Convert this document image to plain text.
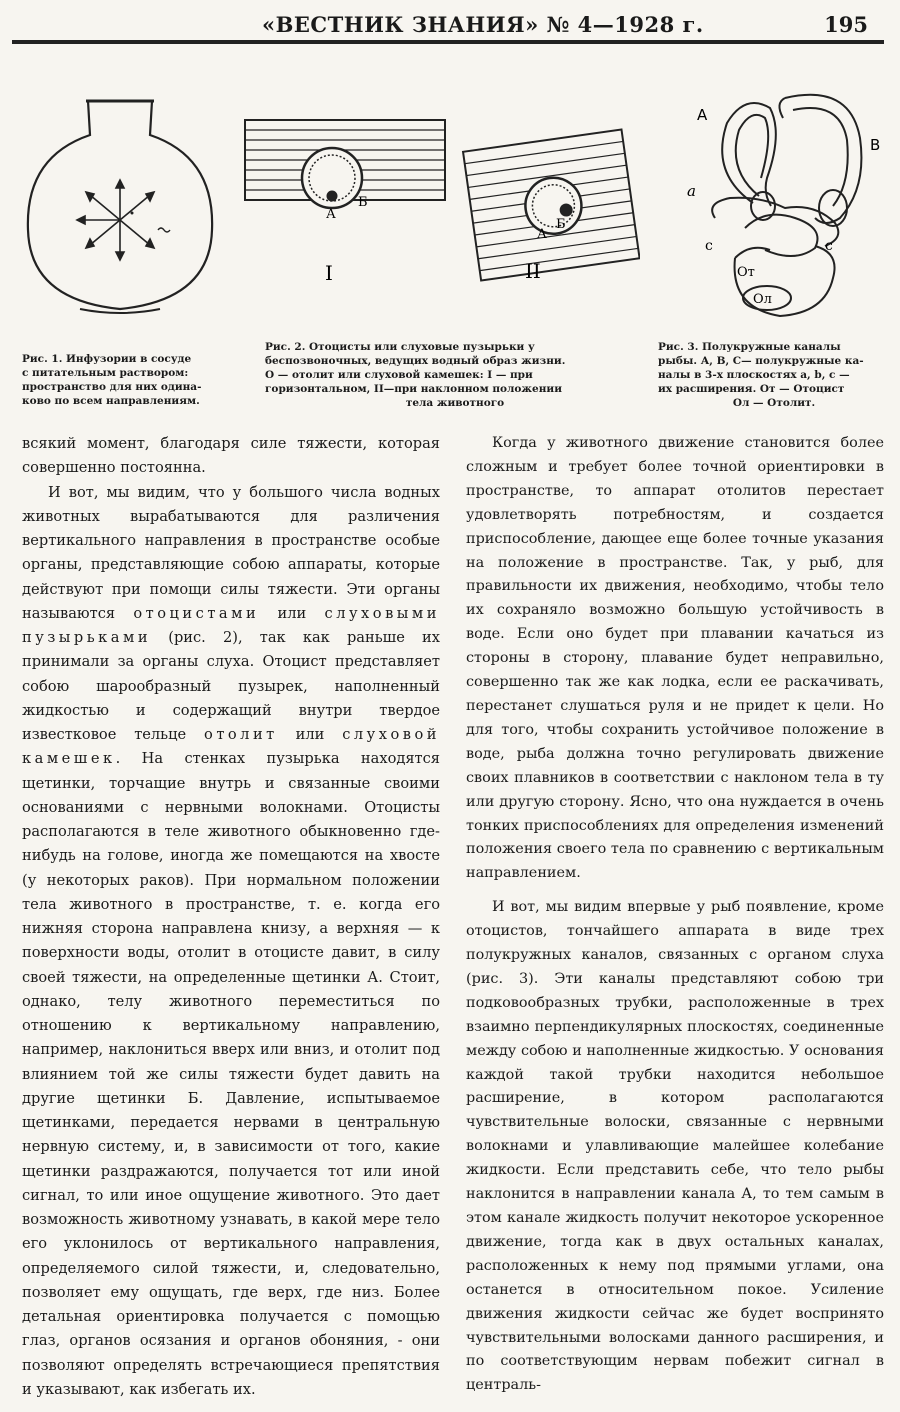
«ВЕСТНИК ЗНАНИЯ» № 4—1928 г.	195
А
Б
I
А
Б
II
А
В
а
с	с
От
Ол
Рис. 1. Инфузории в сосуде
с питательным раствором:
пространство для них одина-
ково по всем направлениям.
Рис. 2. Отоцисты или слуховые пузырьки у
беспозвоночных, ведущих водный образ жизни.
О — отолит или слуховой камешек: I — при
горизонтальном, II—при наклонном положении
тела животного
Рис. 3. Полукружные каналы
рыбы. А, В, С— полукружные ка-
налы в 3-х плоскостях а, b, c —
их расширения. От — Отоцист
Ол — Отолит.

всякий момент, благодаря силе тяжести, которая совершенно постоянна.

И вот, мы видим, что у большого числа водных животных вырабатываются для различения вертикального направления в пространстве особые органы, представляющие собою аппараты, которые действуют при помощи силы тяжести. Эти органы называются отоцистами или слуховыми пузырьками (рис. 2), так как раньше их принимали за органы слуха. Отоцист представляет собою шарообразный пузырек, наполненный жидкостью и содержащий внутри твердое известковое тельце отолит или слуховой камешек. На стенках пузырька находятся щетинки, торчащие внутрь и связанные своими основаниями с нервными волокнами. Отоцисты располагаются в теле животного обыкновенно где-нибудь на голове, иногда же помещаются на хвосте (у некоторых раков). При нормальном положении тела животного в пространстве, т. е. когда его нижняя сторона направлена книзу, а верхняя — к поверхности воды, отолит в отоцисте давит, в силу своей тяжести, на определенные щетинки А. Стоит, однако, телу животного переместиться по отношению к вертикальному направлению, например, наклониться вверх или вниз, и отолит под влиянием той же силы тяжести будет давить на другие щетинки Б. Давление, испытываемое щетинками, передается нервами в центральную нервную систему, и, в зависимости от того, какие щетинки раздражаются, получается тот или иной сигнал, то или иное ощущение животного. Это дает возможность животному узнавать, в какой мере тело его уклонилось от вертикального направления, определяемого силой тяжести, и, следовательно, позволяет ему ощущать, где верх, где низ. Более детальная ориентировка получается с помощью глаз, органов осязания и органов обоняния, - они позволяют определять встречающиеся препятствия и указывают, как избегать их.

Когда у животного движение становится более сложным и требует более точной ориентировки в пространстве, то аппарат отолитов перестает удовлетворять потребностям, и создается приспособление, дающее еще более точные указания на положение в пространстве. Так, у рыб, для правильности их движения, необходимо, чтобы тело их сохраняло возможно большую устойчивость в воде. Если оно будет при плавании качаться из стороны в сторону, плавание будет неправильно, совершенно так же как лодка, если ее раскачивать, перестанет слушаться руля и не придет к цели. Но для того, чтобы сохранить устойчивое положение в воде, рыба должна точно регулировать движение своих плавников в соответствии с наклоном тела в ту или другую сторону. Ясно, что она нуждается в очень тонких приспособлениях для определения изменений положения своего тела по сравнению с вертикальным направлением.

И вот, мы видим впервые у рыб появление, кроме отоцистов, тончайшего аппарата в виде трех полукружных каналов, связанных с органом слуха (рис. 3). Эти каналы представляют собою три подковообразных трубки, расположенные в трех взаимно перпендикулярных плоскостях, соединенные между собою и наполненные жидкостью. У основания каждой такой трубки находится небольшое расширение, в котором располагаются чувствительные волоски, связанные с нервными волокнами и улавливающие малейшее колебание жидкости. Если представить себе, что тело рыбы наклонится в направлении канала А, то тем самым в этом канале жидкость получит некоторое ускоренное движение, тогда как в двух остальных каналах, расположенных к нему под прямыми углами, она останется в относительном покое. Усиление движения жидкости сейчас же будет воспринято чувствительными волосками данного расширения, и по соответствующим нервам побежит сигнал в централь-
